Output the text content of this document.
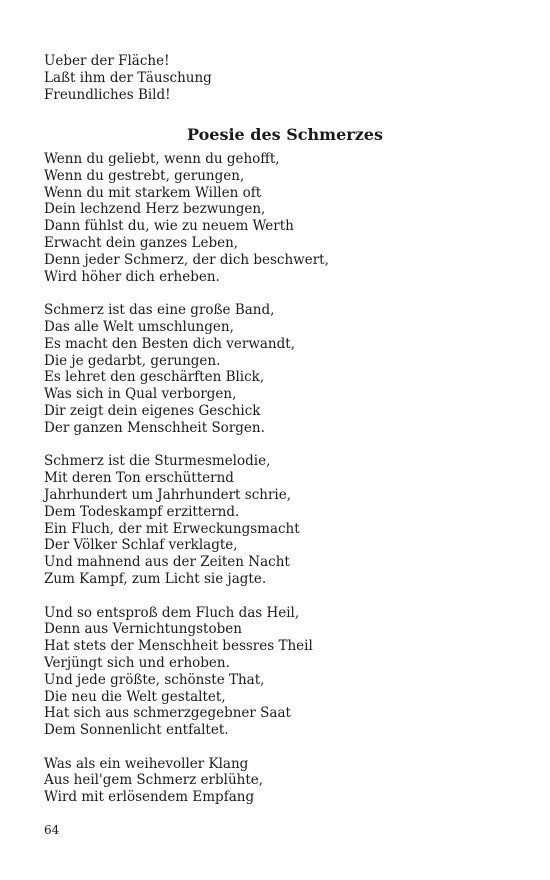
Ueber der Fläche!
Laßt ihm der Täuschung
Freundliches Bild!
Poesie des Schmerzes
Wenn du geliebt, wenn du gehofft,
Wenn du gestrebt, gerungen,
Wenn du mit starkem Willen oft
Dein lechzend Herz bezwungen,
Dann fühlst du, wie zu neuem Werth
Erwacht dein ganzes Leben,
Denn jeder Schmerz, der dich beschwert,
Wird höher dich erheben.
Schmerz ist das eine große Band,
Das alle Welt umschlungen,
Es macht den Besten dich verwandt,
Die je gedarbt, gerungen.
Es lehret den geschärften Blick,
Was sich in Qual verborgen,
Dir zeigt dein eigenes Geschick
Der ganzen Menschheit Sorgen.
Schmerz ist die Sturmesmelodie,
Mit deren Ton erschütternd
Jahrhundert um Jahrhundert schrie,
Dem Todeskampf erzitternd.
Ein Fluch, der mit Erweckungsmacht
Der Völker Schlaf verklagte,
Und mahnend aus der Zeiten Nacht
Zum Kampf, zum Licht sie jagte.
Und so entsproß dem Fluch das Heil,
Denn aus Vernichtungstoben
Hat stets der Menschheit bessres Theil
Verjüngt sich und erhoben.
Und jede größte, schönste That,
Die neu die Welt gestaltet,
Hat sich aus schmerzgegebner Saat
Dem Sonnenlicht entfaltet.
Was als ein weihevoller Klang
Aus heil'gem Schmerz erblühte,
Wird mit erlösendem Empfang
64
